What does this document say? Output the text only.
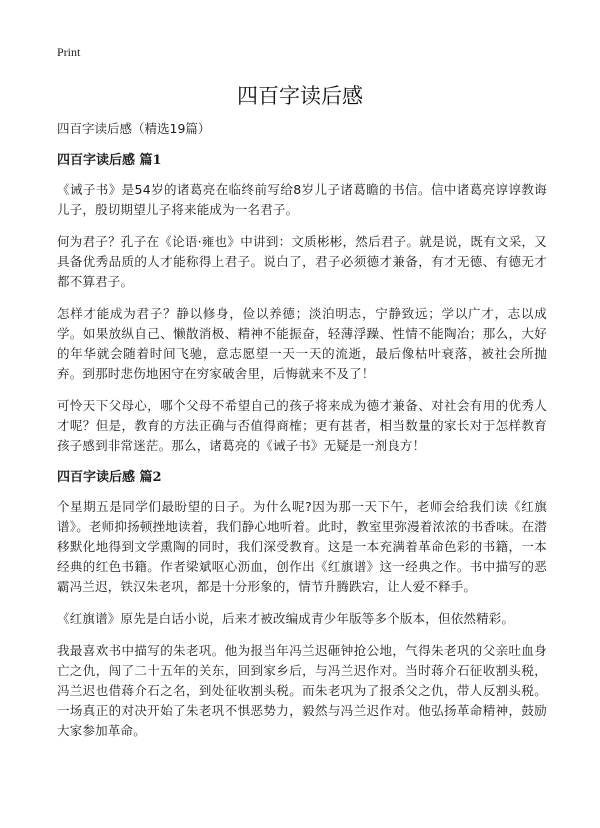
Print
四百字读后感

四百字读后感（精选19篇）

四百字读后感 篇1

《诫子书》是54岁的诸葛亮在临终前写给8岁儿子诸葛瞻的书信。信中诸葛亮谆谆教诲儿子，殷切期望儿子将来能成为一名君子。

何为君子？孔子在《论语·雍也》中讲到：文质彬彬，然后君子。就是说，既有文采，又具备优秀品质的人才能称得上君子。说白了，君子必须德才兼备，有才无德、有德无才都不算君子。

怎样才能成为君子？静以修身，俭以养德；淡泊明志，宁静致远；学以广才，志以成学。如果放纵自己、懒散消极、精神不能振奋，轻薄浮躁、性情不能陶冶；那么，大好的年华就会随着时间飞驰，意志愿望一天一天的流逝，最后像枯叶衰落，被社会所抛弃。到那时悲伤地困守在穷家破舍里，后悔就来不及了！

可怜天下父母心，哪个父母不希望自己的孩子将来成为德才兼备、对社会有用的优秀人才呢？但是，教育的方法正确与否值得商榷；更有甚者，相当数量的家长对于怎样教育孩子感到非常迷茫。那么，诸葛亮的《诫子书》无疑是一剂良方！

四百字读后感 篇2

个星期五是同学们最盼望的日子。为什么呢?因为那一天下午，老师会给我们读《红旗谱》。老师抑扬顿挫地读着，我们静心地听着。此时，教室里弥漫着浓浓的书香味。在潜移默化地得到文学熏陶的同时，我们深受教育。这是一本充满着革命色彩的书籍，一本经典的红色书籍。作者梁斌呕心沥血，创作出《红旗谱》这一经典之作。书中描写的恶霸冯兰迟，铁汉朱老巩，都是十分形象的，情节升腾跌宕，让人爱不释手。

《红旗谱》原先是白话小说，后来才被改编成青少年版等多个版本，但依然精彩。

我最喜欢书中描写的朱老巩。他为报当年冯兰迟砸钟抢公地，气得朱老巩的父亲吐血身亡之仇，闯了二十五年的关东，回到家乡后，与冯兰迟作对。当时蒋介石征收割头税，冯兰迟也借蒋介石之名，到处征收割头税。而朱老巩为了报杀父之仇，带人反割头税。一场真正的对决开始了朱老巩不惧恶势力，毅然与冯兰迟作对。他弘扬革命精神，鼓励大家参加革命。
